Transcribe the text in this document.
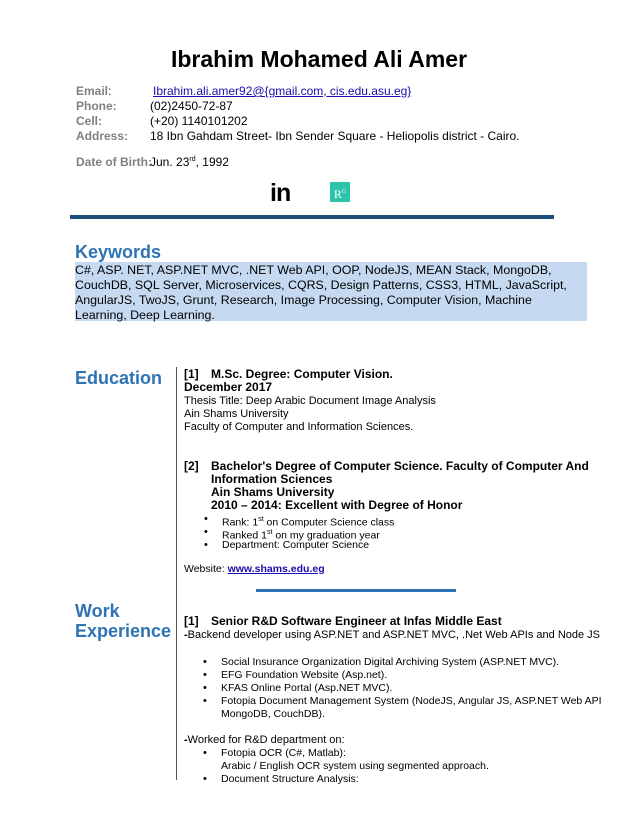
Ibrahim Mohamed Ali Amer
Email:	Ibrahim.ali.amer92@{gmail.com, cis.edu.asu.eg}
Phone:	(02)2450-72-87
Cell:	(+20) 1140101202
Address: 18 Ibn Gahdam Street- Ibn Sender Square - Heliopolis district - Cairo.
Date of Birth:
Jun. 23rd, 1992
in	$R^G$
Keywords
C#, ASP. NET, ASP.NET MVC, .NET Web API, OOP, NodeJS, MEAN Stack, MongoDB,
CouchDB, SQL Server, Microservices, CQRS, Design Patterns, CSS3, HTML, JavaScript,
AngularJS, TwoJS, Grunt, Research, Image Processing, Computer Vision, Machine
Learning, Deep Learning.
Education [1] M.Sc. Degree: Computer Vision.
December 2017
Thesis Title: Deep Arabic Document Image Analysis
Ain Shams University
Faculty of Computer and Information Sciences.
[2] Bachelor's Degree of Computer Science. Faculty of Computer And
Information Sciences
Ain Shams University
2010 – 2014: Excellent with Degree of Honor
• Rank: 1st on Computer Science class
• Ranked 1st on my graduation year
• Department: Computer Science
Website: www.shams.edu.eg
Work
Experience [1] Senior R&D Software Engineer at Infas Middle East
-Backend developer using ASP.NET and ASP.NET MVC, .Net Web APIs and Node JS
• Social Insurance Organization Digital Archiving System (ASP.NET MVC).
• EFG Foundation Website (Asp.net).
• KFAS Online Portal (Asp.NET MVC).
• Fotopia Document Management System (NodeJS, Angular JS, ASP.NET Web API
MongoDB, CouchDB).
-Worked for R&D department on:
• Fotopia OCR (C#, Matlab):
Arabic / English OCR system using segmented approach.
• Document Structure Analysis:
